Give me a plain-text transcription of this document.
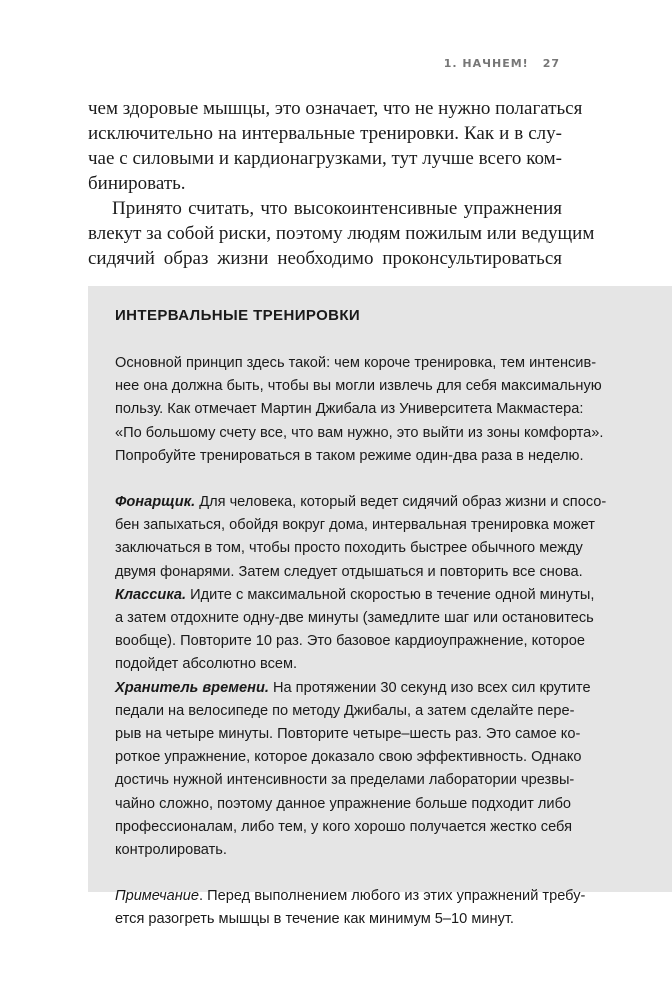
1. НАЧНЕМ! 27
чем здоровые мышцы, это означает, что не нужно полагаться
исключительно на интервальные тренировки. Как и в слу-
чае с силовыми и кардионагрузками, тут лучше всего ком-
бинировать.
Принято считать, что высокоинтенсивные упражнения
влекут за собой риски, поэтому людям пожилым или ведущим
сидячий образ жизни необходимо проконсультироваться
ИНТЕРВАЛЬНЫЕ ТРЕНИРОВКИ
Основной принцип здесь такой: чем короче тренировка, тем интенсив-
нее она должна быть, чтобы вы могли извлечь для себя максимальную
пользу. Как отмечает Мартин Джибала из Университета Макмастера:
«По большому счету все, что вам нужно, это выйти из зоны комфорта».
Попробуйте тренироваться в таком режиме один-два раза в неделю.
Фонарщик. Для человека, который ведет сидячий образ жизни и спосо-
бен запыхаться, обойдя вокруг дома, интервальная тренировка может
заключаться в том, чтобы просто походить быстрее обычного между
двумя фонарями. Затем следует отдышаться и повторить все снова.
Классика. Идите с максимальной скоростью в течение одной минуты,
а затем отдохните одну-две минуты (замедлите шаг или остановитесь
вообще). Повторите 10 раз. Это базовое кардиоупражнение, которое
подойдет абсолютно всем.
Хранитель времени. На протяжении 30 секунд изо всех сил крутите
педали на велосипеде по методу Джибалы, а затем сделайте пере-
рыв на четыре минуты. Повторите четыре–шесть раз. Это самое ко-
роткое упражнение, которое доказало свою эффективность. Однако
достичь нужной интенсивности за пределами лаборатории чрезвы-
чайно сложно, поэтому данное упражнение больше подходит либо
профессионалам, либо тем, у кого хорошо получается жестко себя
контролировать.
Примечание. Перед выполнением любого из этих упражнений требу-
ется разогреть мышцы в течение как минимум 5–10 минут.
